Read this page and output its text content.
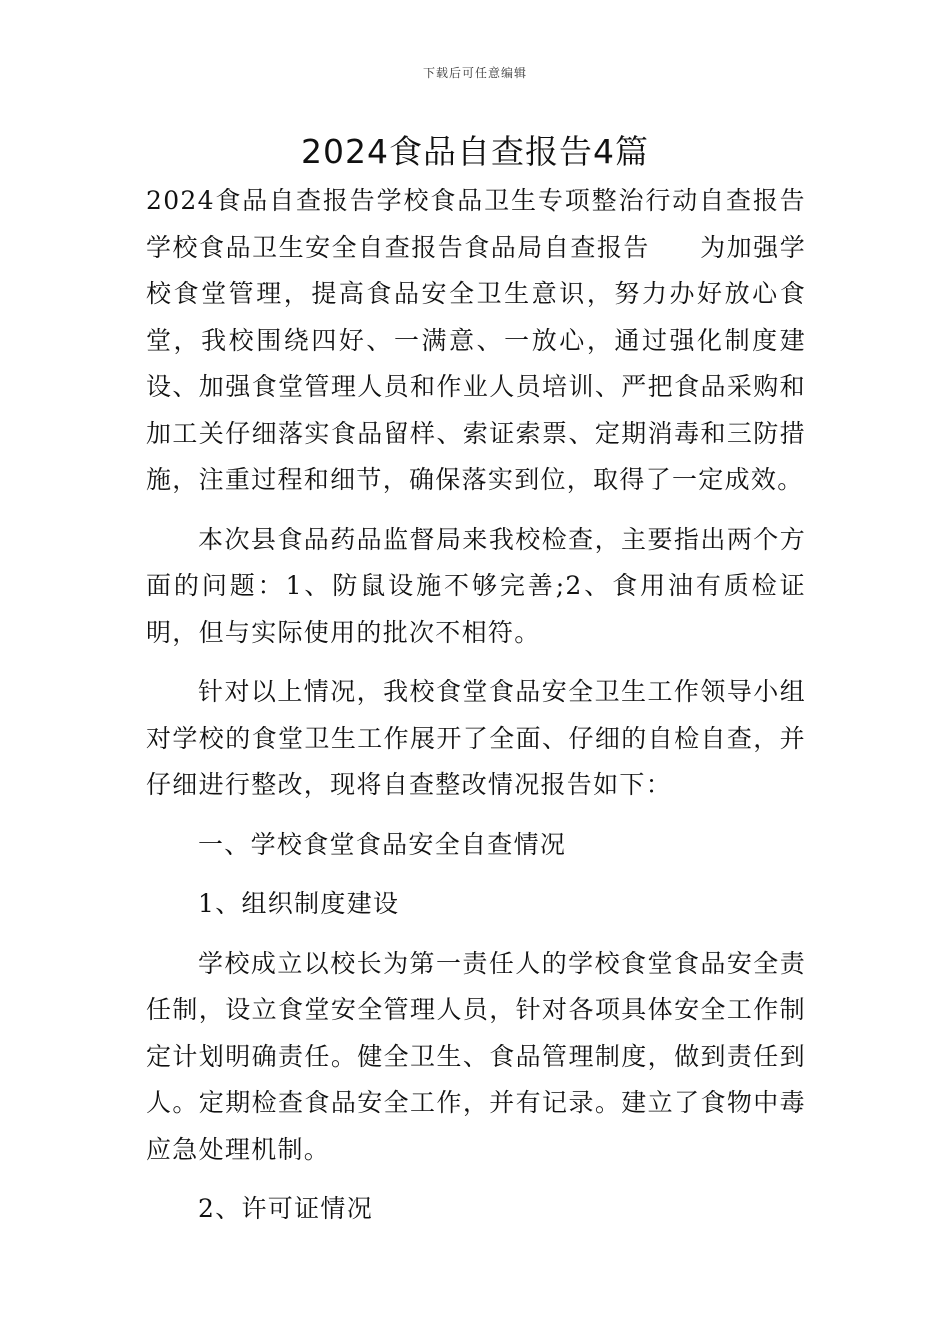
下载后可任意编辑
2024食品自查报告4篇

2024食品自查报告学校食品卫生专项整治行动自查报告学校食品卫生安全自查报告食品局自查报告 为加强学校食堂管理，提高食品安全卫生意识，努力办好放心食堂，我校围绕四好、一满意、一放心，通过强化制度建设、加强食堂管理人员和作业人员培训、严把食品采购和加工关仔细落实食品留样、索证索票、定期消毒和三防措施，注重过程和细节，确保落实到位，取得了一定成效。

本次县食品药品监督局来我校检查，主要指出两个方面的问题：1、防鼠设施不够完善;2、食用油有质检证明，但与实际使用的批次不相符。

针对以上情况，我校食堂食品安全卫生工作领导小组对学校的食堂卫生工作展开了全面、仔细的自检自查，并仔细进行整改，现将自查整改情况报告如下：

一、学校食堂食品安全自查情况

1、组织制度建设

学校成立以校长为第一责任人的学校食堂食品安全责任制，设立食堂安全管理人员，针对各项具体安全工作制定计划明确责任。健全卫生、食品管理制度，做到责任到人。定期检查食品安全工作，并有记录。建立了食物中毒应急处理机制。

2、许可证情况
